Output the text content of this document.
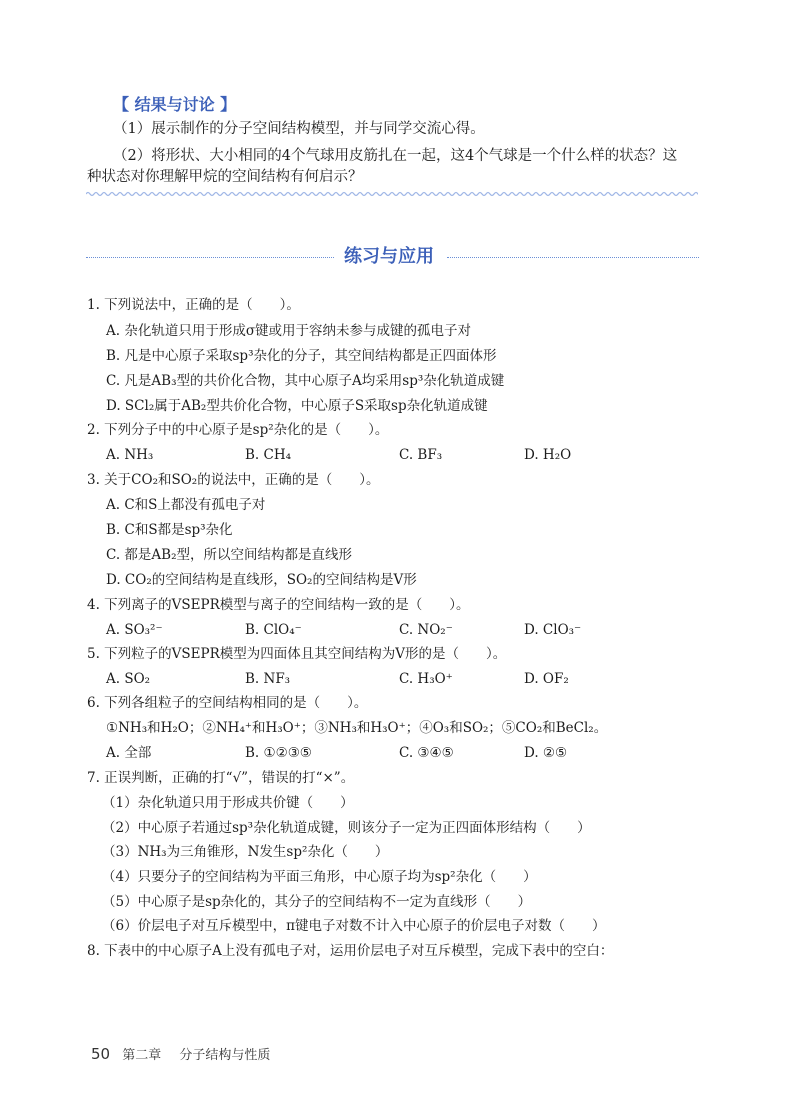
【 结果与讨论 】
（1）展示制作的分子空间结构模型，并与同学交流心得。
（2）将形状、大小相同的4个气球用皮筋扎在一起，这4个气球是一个什么样的状态？这
种状态对你理解甲烷的空间结构有何启示？
练习与应用
1. 下列说法中，正确的是（　　）。
A. 杂化轨道只用于形成σ键或用于容纳未参与成键的孤电子对
B. 凡是中心原子采取sp³杂化的分子，其空间结构都是正四面体形
C. 凡是AB₃型的共价化合物，其中心原子A均采用sp³杂化轨道成键
D. SCl₂属于AB₂型共价化合物，中心原子S采取sp杂化轨道成键
2. 下列分子中的中心原子是sp²杂化的是（　　）。
A. NH₃	B. CH₄	C. BF₃	D. H₂O
3. 关于CO₂和SO₂的说法中，正确的是（　　）。
A. C和S上都没有孤电子对
B. C和S都是sp³杂化
C. 都是AB₂型，所以空间结构都是直线形
D. CO₂的空间结构是直线形，SO₂的空间结构是V形
4. 下列离子的VSEPR模型与离子的空间结构一致的是（　　）。
A. SO₃²⁻	B. ClO₄⁻	C. NO₂⁻	D. ClO₃⁻
5. 下列粒子的VSEPR模型为四面体且其空间结构为V形的是（　　）。
A. SO₂	B. NF₃	C. H₃O⁺	D. OF₂
6. 下列各组粒子的空间结构相同的是（　　）。
①NH₃和H₂O；②NH₄⁺和H₃O⁺；③NH₃和H₃O⁺；④O₃和SO₂；⑤CO₂和BeCl₂。
A. 全部	B. ①②③⑤	C. ③④⑤	D. ②⑤
7. 正误判断，正确的打“√”，错误的打“×”。
（1）杂化轨道只用于形成共价键（　　）
（2）中心原子若通过sp³杂化轨道成键，则该分子一定为正四面体形结构（　　）
（3）NH₃为三角锥形，N发生sp²杂化（　　）
（4）只要分子的空间结构为平面三角形，中心原子均为sp²杂化（　　）
（5）中心原子是sp杂化的，其分子的空间结构不一定为直线形（　　）
（6）价层电子对互斥模型中，π键电子对数不计入中心原子的价层电子对数（　　）
8. 下表中的中心原子A上没有孤电子对，运用价层电子对互斥模型，完成下表中的空白：
50 第二章 分子结构与性质
